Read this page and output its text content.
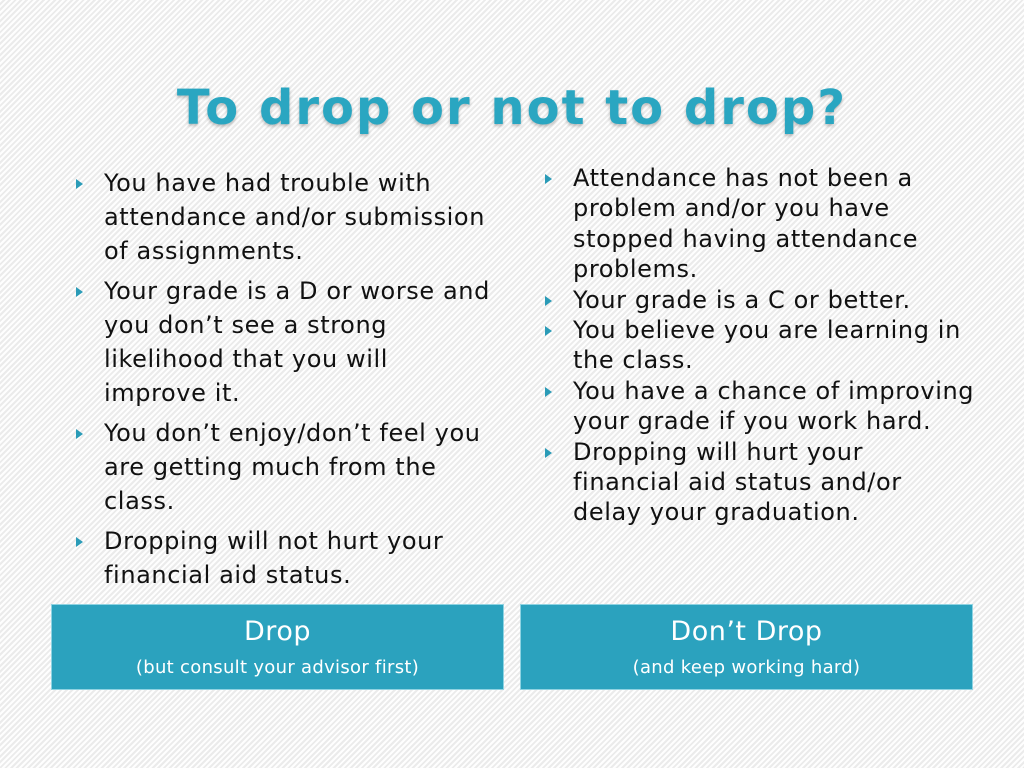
To drop or not to drop?
You have had trouble with attendance and/or submission of assignments.
Your grade is a D or worse and you don’t see a strong likelihood that you will improve it.
You don’t enjoy/don’t feel you are getting much from the class.
Dropping will not hurt your financial aid status.
Attendance has not been a problem and/or you have stopped having attendance problems.
Your grade is a C or better.
You believe you are learning in the class.
You have a chance of improving your grade if you work hard.
Dropping will hurt your financial aid status and/or delay your graduation.
Drop
(but consult your advisor first)
Don’t Drop
(and keep working hard)
